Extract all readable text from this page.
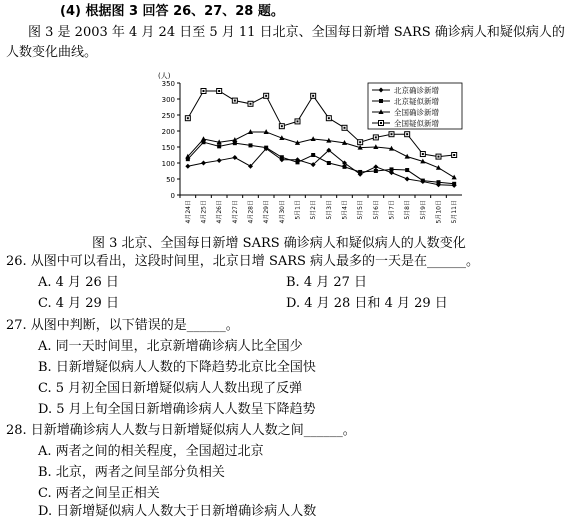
(4) 根据图 3 回答 26、27、28 题。
图 3 是 2003 年 4 月 24 日至 5 月 11 日北京、全国每日新增 SARS 确诊病人和疑似病人的
人数变化曲线。
0
50
100
150
200
250
300
350
(人)
4月24日 4月25日 4月26日 4月27日 4月28日 4月29日 4月30日 5月1日 5月2日 5月3日 5月4日 5月5日 5月6日 5月7日 5月8日 5月9日 5月10日 5月11日
北京确诊新增
北京疑似新增
全国确诊新增
全国疑似新增
图 3 北京、全国每日新增 SARS 确诊病人和疑似病人的人数变化
26. 从图中可以看出，这段时间里，北京日增 SARS 病人最多的一天是在______。
A. 4 月 26 日	B. 4 月 27 日
C. 4 月 29 日	D. 4 月 28 日和 4 月 29 日
27. 从图中判断，以下错误的是______。
A. 同一天时间里，北京新增确诊病人比全国少
B. 日新增疑似病人人数的下降趋势北京比全国快
C. 5 月初全国日新增疑似病人人数出现了反弹
D. 5 月上旬全国日新增确诊病人人数呈下降趋势
28. 日新增确诊病人人数与日新增疑似病人人数之间______。
A. 两者之间的相关程度，全国超过北京
B. 北京，两者之间呈部分负相关
C. 两者之间呈正相关
D. 日新增疑似病人人数大于日新增确诊病人人数
